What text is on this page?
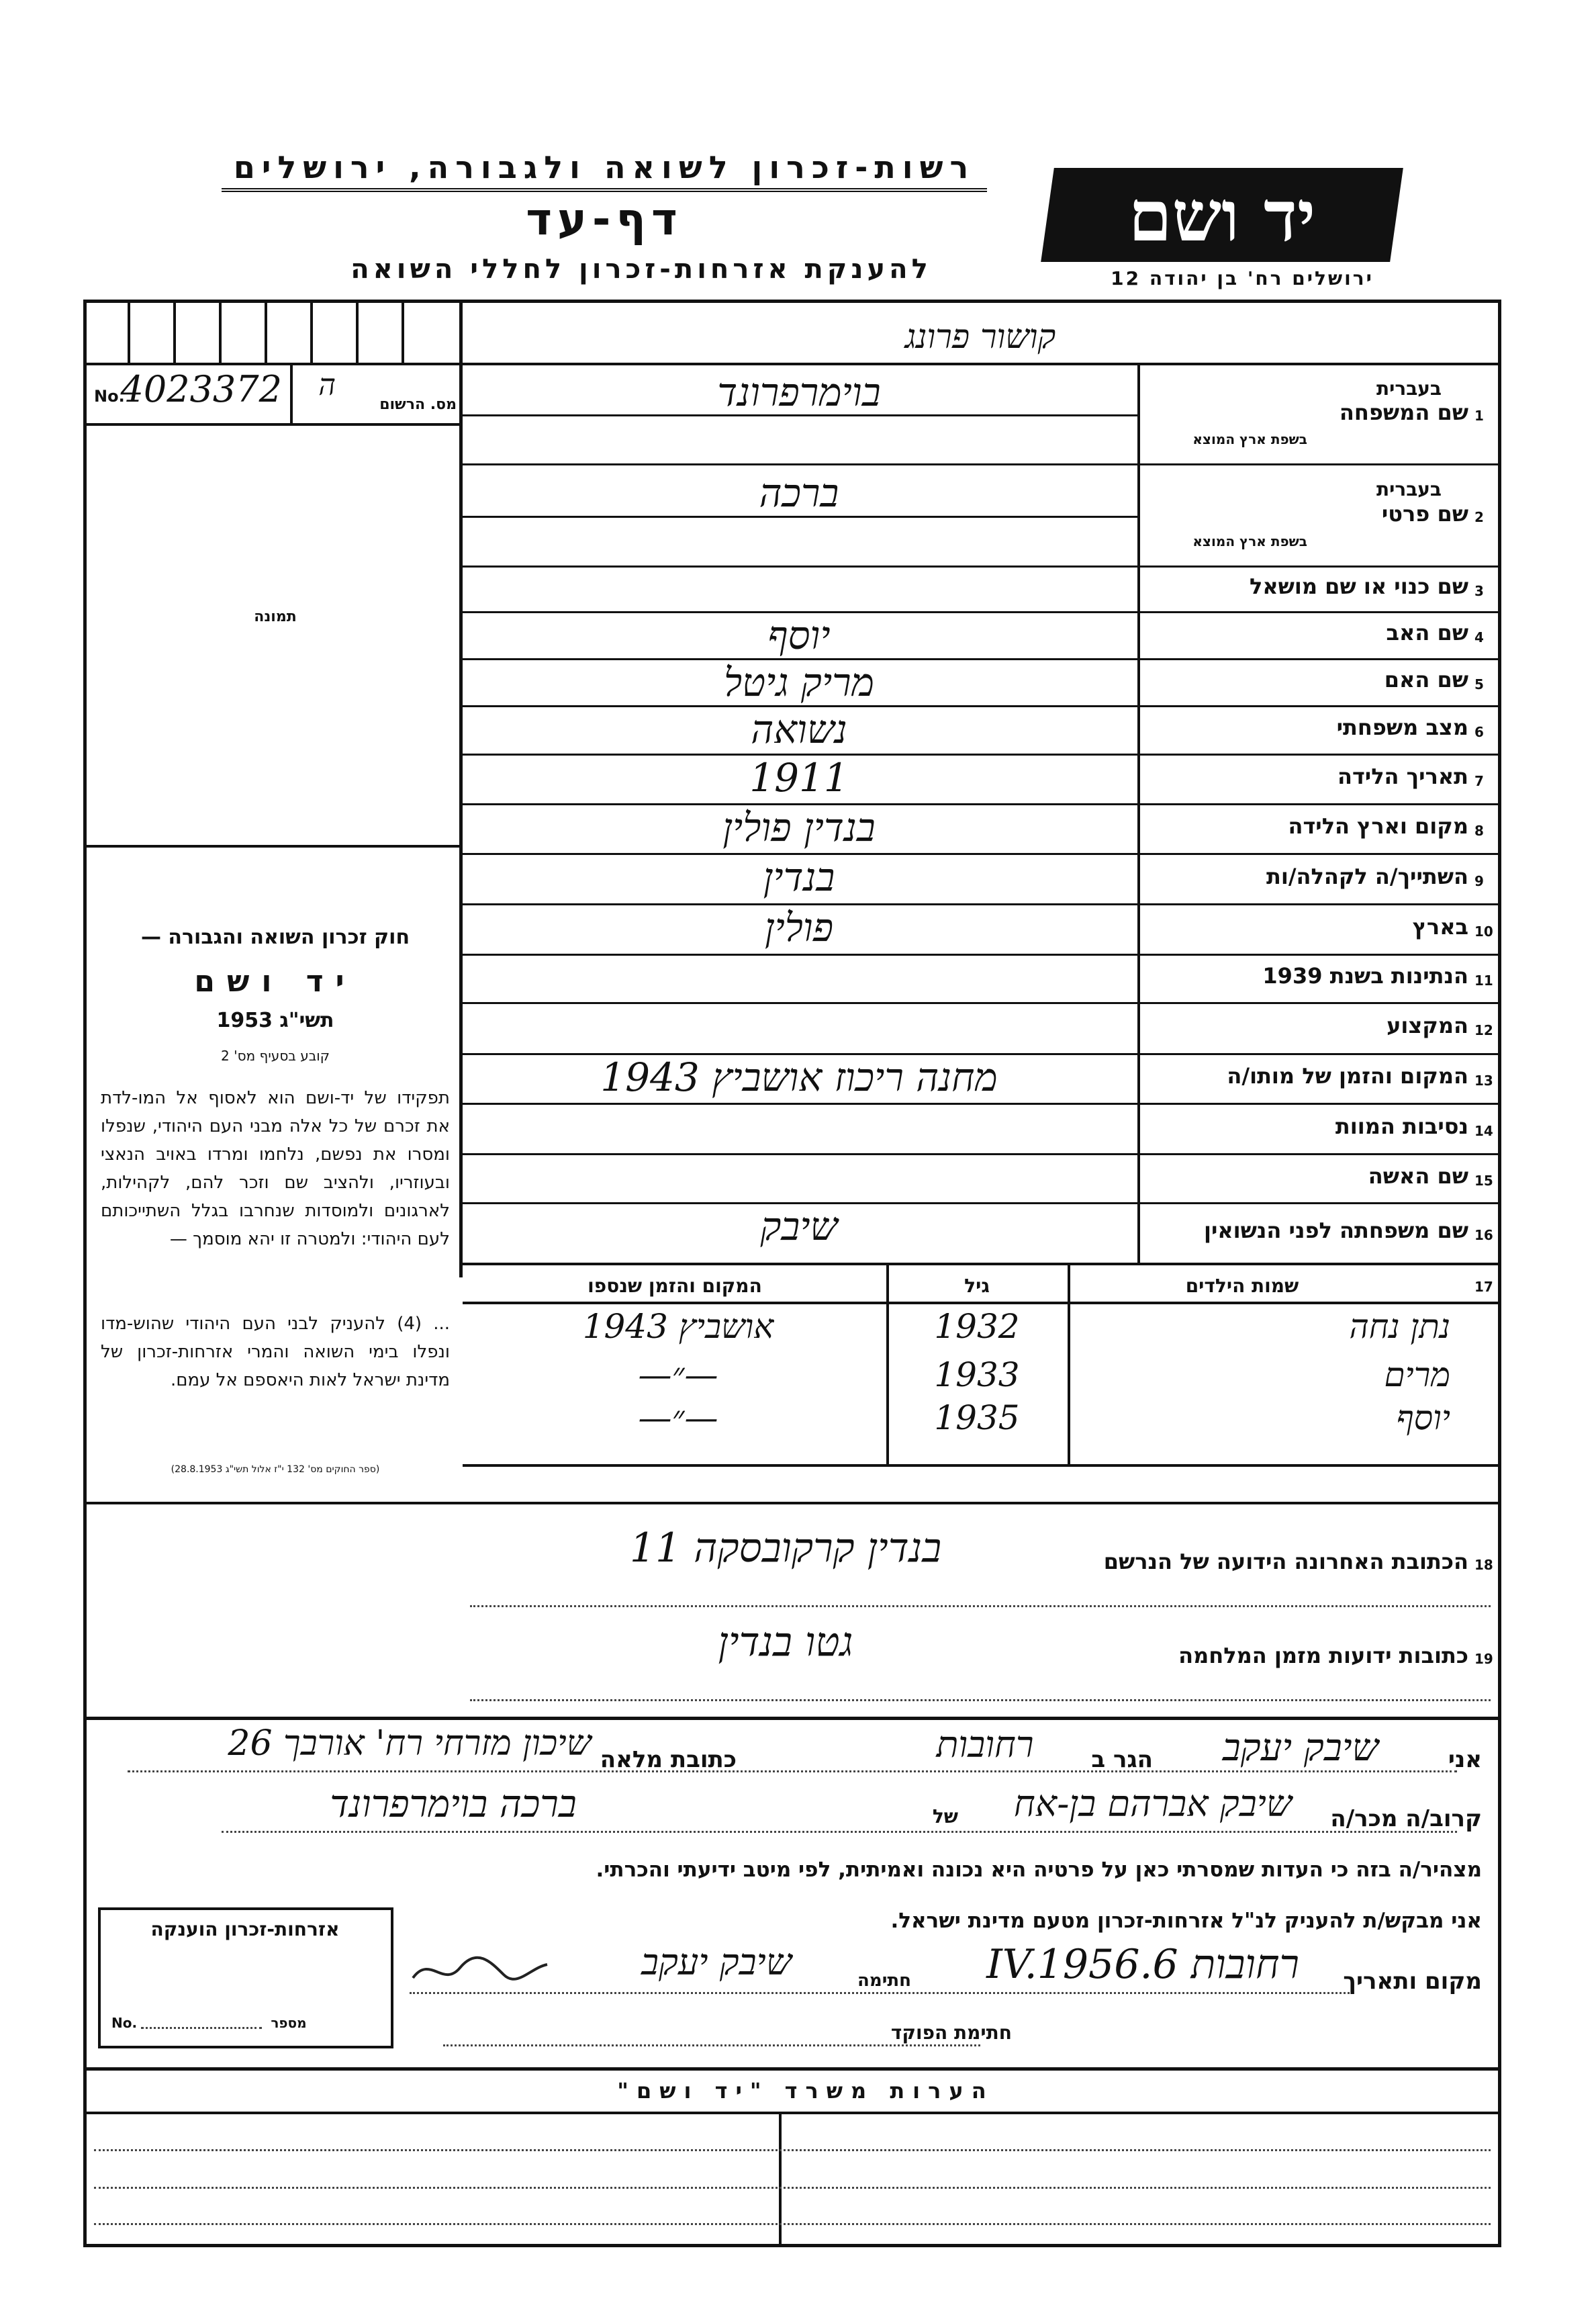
רשות-זכרון לשואה ולגבורה, ירושלים
דף-עד
להענקת אזרחות-זכרון לחללי השואה
יד ושם
ירושלים רח' בן יהודה 12
קושור פרונג
No.
4023372	ה
מס. הרשום
תמונה
1
שם המשפחה
בעברית
בשפת ארץ המוצא
בוימרפרונד
2
שם פרטי
בעברית
בשפת ארץ המוצא
ברכה
3
שם כנוי או שם מושאל
4
שם האב
יוסף
5
שם האם
מריק גיטל
6
מצב משפחתי
נשואה
7
תאריך הלידה
1911
8
מקום וארץ הלידה
בנדין פולין
9
השתייך/ה לקהלה/ות
בנדין
10
בארץ
פולין
11
הנתינות בשנת 1939
12
המקצוע
13
המקום והזמן של מותו/ה
מחנה ריכוז אושביץ 1943
14
נסיבות המוות
15
שם האשה
16
שם משפחתה לפני הנשואין
שיבק
חוק זכרון השואה והגבורה —
יד ושם
תשי"ג 1953
קובע בסעיף מס' 2
תפקידו של יד-ושם הוא לאסוף אל המו-לדת את זכרם של כל אלה מבני העם היהודי, שנפלו ומסרו את נפשם, נלחמו ומרדו באויב הנאצי ובעוזריו, ולהציב שם וזכר להם, לקהילות, לארגונים ולמוסדות שנחרבו בגלל השתייכותם לעם היהודי: ולמטרה זו יהא מוסמך —
... (4) להעניק לבני העם היהודי שהוש-מדו ונפלו בימי השואה והמרי אזרחות-זכרון של מדינת ישראל לאות היאספם אל עמם.
(ספר החוקים מס' 132 י"ז אלול תשי"ג 28.8.1953)
17
שמות הילדים
גיל
המקום והזמן שנספו
נתן נחה
1932
אושביץ 1943
מרים
1933
—״—
יוסף
1935
—״—
18
הכתובת האחרונה הידועה של הנרשם
בנדין קרקובסקה 11
19
כתובות ידועות מזמן המלחמה
גטו בנדין
אני
שיבק יעקב
הגר ב
רחובות
כתובת מלאה
שיכון מזרחי רח' אורבך 26
קרוב/ה מכר/ה
שיבק אברהם בן-אח
של
ברכה בוימרפרונד
מצהיר/ה בזה כי העדות שמסרתי כאן על פרטיה היא נכונה ואמיתית, לפי מיטב ידיעתי והכרתי.
אני מבקש/ת להעניק לנ"ל אזרחות-זכרון מטעם מדינת ישראל.
אזרחות-זכרון הוענקה
No.	מספר
מקום ותאריך
רחובות 6.IV.1956
חתימה
שיבק יעקב
חתימת הפוקד
הערות משרד "יד ושם"
